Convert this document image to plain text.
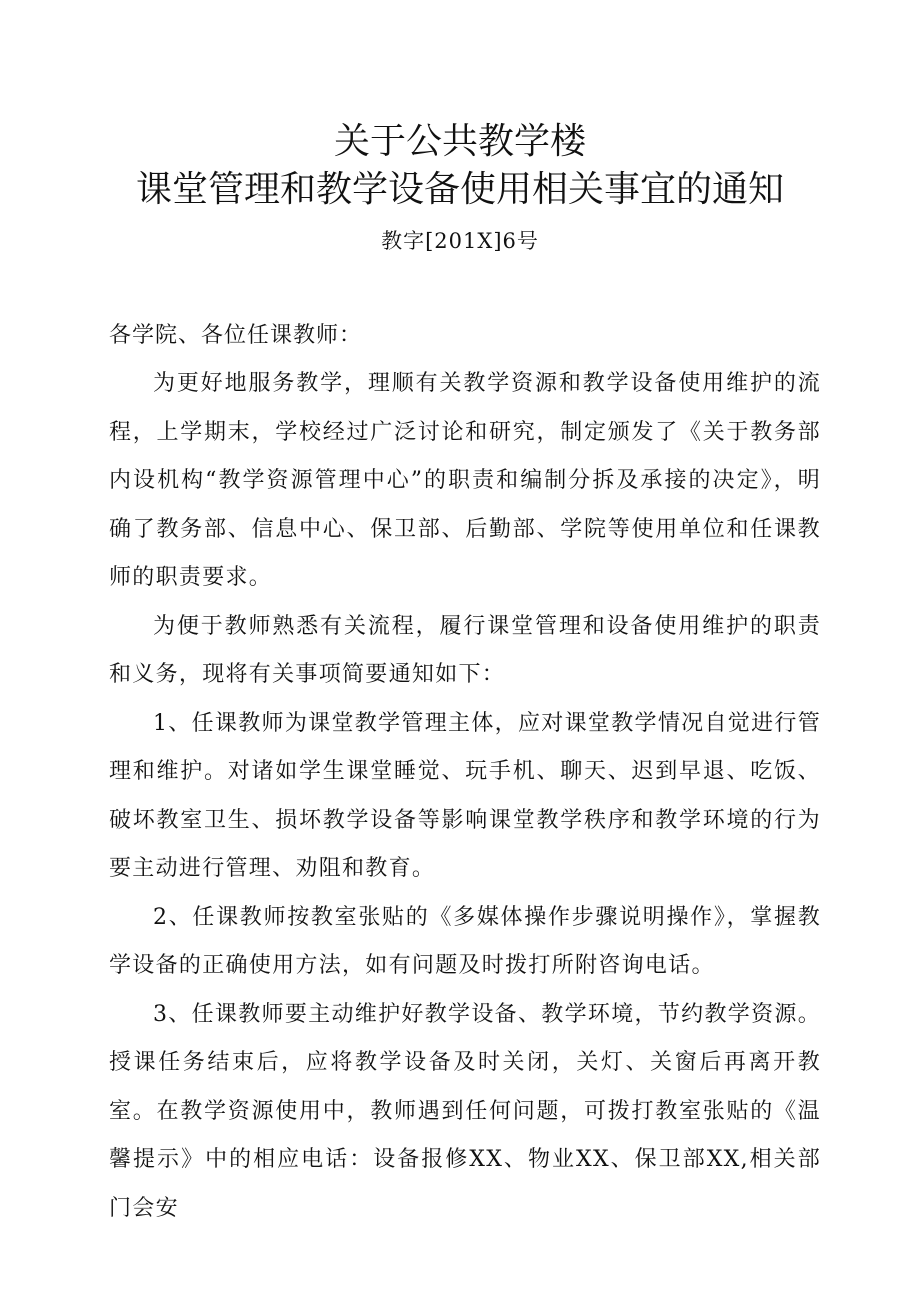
关于公共教学楼
课堂管理和教学设备使用相关事宜的通知
教字[201X]6号
各学院、各位任课教师：

为更好地服务教学，理顺有关教学资源和教学设备使用维护的流程，上学期末，学校经过广泛讨论和研究，制定颁发了《关于教务部内设机构“教学资源管理中心”的职责和编制分拆及承接的决定》，明确了教务部、信息中心、保卫部、后勤部、学院等使用单位和任课教师的职责要求。

为便于教师熟悉有关流程，履行课堂管理和设备使用维护的职责和义务，现将有关事项简要通知如下：

1、任课教师为课堂教学管理主体，应对课堂教学情况自觉进行管理和维护。对诸如学生课堂睡觉、玩手机、聊天、迟到早退、吃饭、破坏教室卫生、损坏教学设备等影响课堂教学秩序和教学环境的行为要主动进行管理、劝阻和教育。

2、任课教师按教室张贴的《多媒体操作步骤说明操作》，掌握教学设备的正确使用方法，如有问题及时拨打所附咨询电话。

3、任课教师要主动维护好教学设备、教学环境，节约教学资源。授课任务结束后，应将教学设备及时关闭，关灯、关窗后再离开教室。在教学资源使用中，教师遇到任何问题，可拨打教室张贴的《温馨提示》中的相应电话：设备报修XX、物业XX、保卫部XX,相关部门会安
